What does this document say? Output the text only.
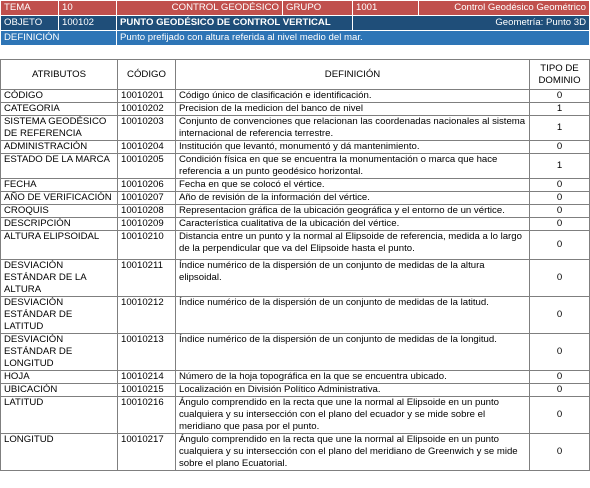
TEMA	10	CONTROL GEODÉSICO	GRUPO	1001	Control Geodésico Geométrico
OBJETO	100102	PUNTO GEODÉSICO DE CONTROL VERTICAL		Geometría: Punto 3D	
DEFINICIÓN		Punto prefijado con altura referida al nivel medio del mar.			
ATRIBUTOS	CÓDIGO	DEFINICIÓN	TIPO DE DOMINIO
CÓDIGO	10010201	Código único de clasificación e identificación.	0
CATEGORIA	10010202	Precision de la medicion del banco de nivel	1
SISTEMA GEODÉSICO DE REFERENCIA	10010203	Conjunto de convenciones que relacionan las coordenadas nacionales al sistema internacional de referencia terrestre.	1
ADMINISTRACIÓN	10010204	Institución que levantó, monumentó y dá mantenimiento.	0
ESTADO DE LA MARCA	10010205	Condición física en que se encuentra la monumentación o marca que hace referencia a un punto geodésico horizontal.	1
FECHA	10010206	Fecha en que se colocó el vértice.	0
AÑO DE VERIFICACIÓN	10010207	Año de revisión de la información del vértice.	0
CROQUIS	10010208	Representacion gráfica de la ubicación geográfica y el entorno de un vértice.	0
DESCRIPCIÓN	10010209	Característica cualitativa de la ubicación del vértice.	0
ALTURA ELIPSOIDAL	10010210	Distancia entre un punto y la normal al Elipsoide de referencia, medida a lo largo de la perpendicular que va del Elipsoide hasta el punto.	0
DESVIACIÓN ESTÁNDAR DE LA ALTURA	10010211	Índice numérico de la dispersión de un conjunto de medidas de la altura elipsoidal.	0
DESVIACIÓN ESTÁNDAR DE LATITUD	10010212	Índice numérico de la dispersión de un conjunto de medidas de la latitud.	0
DESVIACIÓN ESTÁNDAR DE LONGITUD	10010213	Índice numérico de la dispersión de un conjunto de medidas de la longitud.	0
HOJA	10010214	Número de la hoja topográfica en la que se encuentra ubicado.	0
UBICACIÓN	10010215	Localización en División Político Administrativa.	0
LATITUD	10010216	Ángulo comprendido en la recta que une la normal al Elipsoide en un punto cualquiera y su intersección con el plano del ecuador y se mide sobre el meridiano que pasa por el punto.	0
LONGITUD	10010217	Ángulo comprendido en la recta que une la normal al Elipsoide en un punto cualquiera y su intersección con el plano del meridiano de Greenwich y se mide sobre el plano Ecuatorial.	0
